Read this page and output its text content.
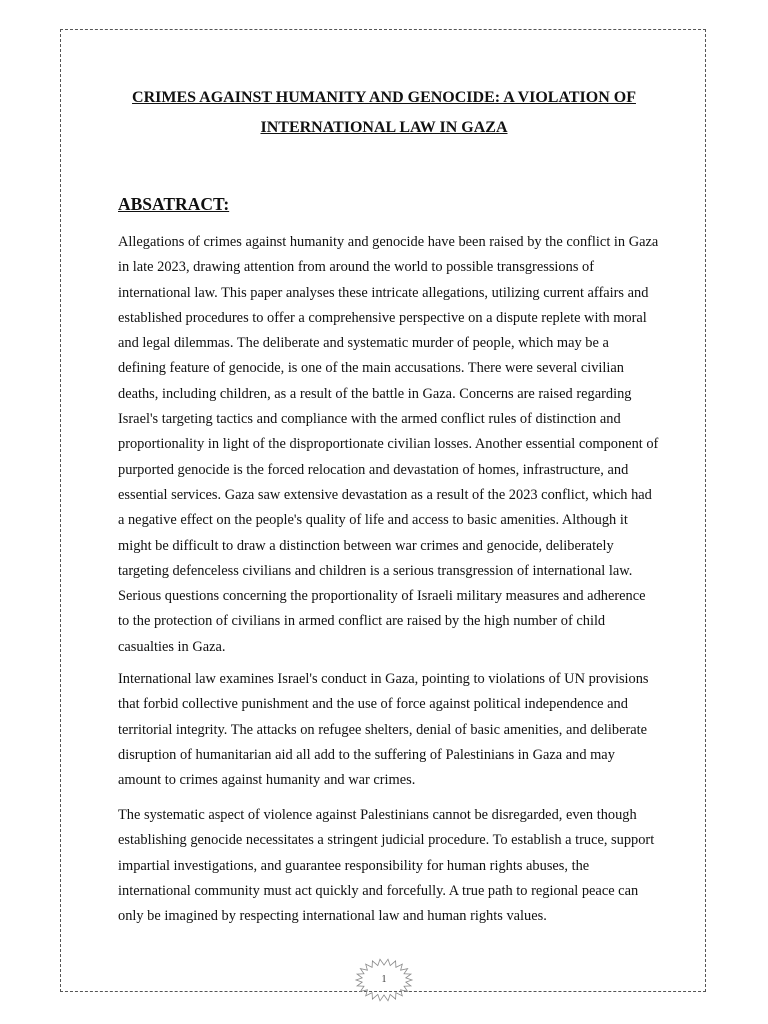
CRIMES AGAINST HUMANITY AND GENOCIDE: A VIOLATION OF
INTERNATIONAL LAW IN GAZA
ABSATRACT:

Allegations of crimes against humanity and genocide have been raised by the conflict in Gaza
in late 2023, drawing attention from around the world to possible transgressions of
international law. This paper analyses these intricate allegations, utilizing current affairs and
established procedures to offer a comprehensive perspective on a dispute replete with moral
and legal dilemmas. The deliberate and systematic murder of people, which may be a
defining feature of genocide, is one of the main accusations. There were several civilian
deaths, including children, as a result of the battle in Gaza. Concerns are raised regarding
Israel's targeting tactics and compliance with the armed conflict rules of distinction and
proportionality in light of the disproportionate civilian losses. Another essential component of
purported genocide is the forced relocation and devastation of homes, infrastructure, and
essential services. Gaza saw extensive devastation as a result of the 2023 conflict, which had
a negative effect on the people's quality of life and access to basic amenities. Although it
might be difficult to draw a distinction between war crimes and genocide, deliberately
targeting defenceless civilians and children is a serious transgression of international law.
Serious questions concerning the proportionality of Israeli military measures and adherence
to the protection of civilians in armed conflict are raised by the high number of child
casualties in Gaza.

International law examines Israel's conduct in Gaza, pointing to violations of UN provisions
that forbid collective punishment and the use of force against political independence and
territorial integrity. The attacks on refugee shelters, denial of basic amenities, and deliberate
disruption of humanitarian aid all add to the suffering of Palestinians in Gaza and may
amount to crimes against humanity and war crimes.

The systematic aspect of violence against Palestinians cannot be disregarded, even though
establishing genocide necessitates a stringent judicial procedure. To establish a truce, support
impartial investigations, and guarantee responsibility for human rights abuses, the
international community must act quickly and forcefully. A true path to regional peace can
only be imagined by respecting international law and human rights values.

1
